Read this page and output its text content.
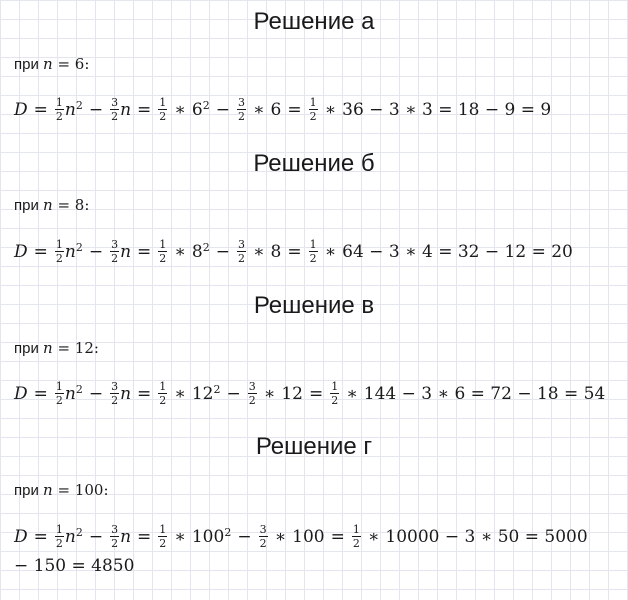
Решение а
при n = 6:
$D = \frac{1}{2} n^2 - \frac{3}{2}$ $n = \frac{1}{2}$ ∗ $6^2 - \frac{3}{2}$ ∗ $6 = \frac{1}{2}$ ∗ 36 − 3 ∗ 3 = 18 − 9 = 9
Решение б
при n = 8:
$D = \frac{1}{2} n^2 - \frac{3}{2}$ $n = \frac{1}{2}$ ∗ $8^2 - \frac{3}{2}$ ∗ $8 = \frac{1}{2}$ ∗ 64 − 3 ∗ 4 = 32 − 12 = 20
Решение в
при n = 12:
$D = \frac{1}{2} n^2 - \frac{3}{2}$ $n = \frac{1}{2}$ ∗ $12^2 - \frac{3}{2}$ ∗ $12 = \frac{1}{2}$ ∗ 144 − 3 ∗ 6 = 72 − 18 = 54
Решение г
при n = 100:
$D = \frac{1}{2} n^2 - \frac{3}{2}$ $n = \frac{1}{2}$ ∗ $100^2 - \frac{3}{2}$ ∗ $100 = \frac{1}{2}$ ∗ 10000 − 3 ∗ 50 = 5000
− 150 = 4850
